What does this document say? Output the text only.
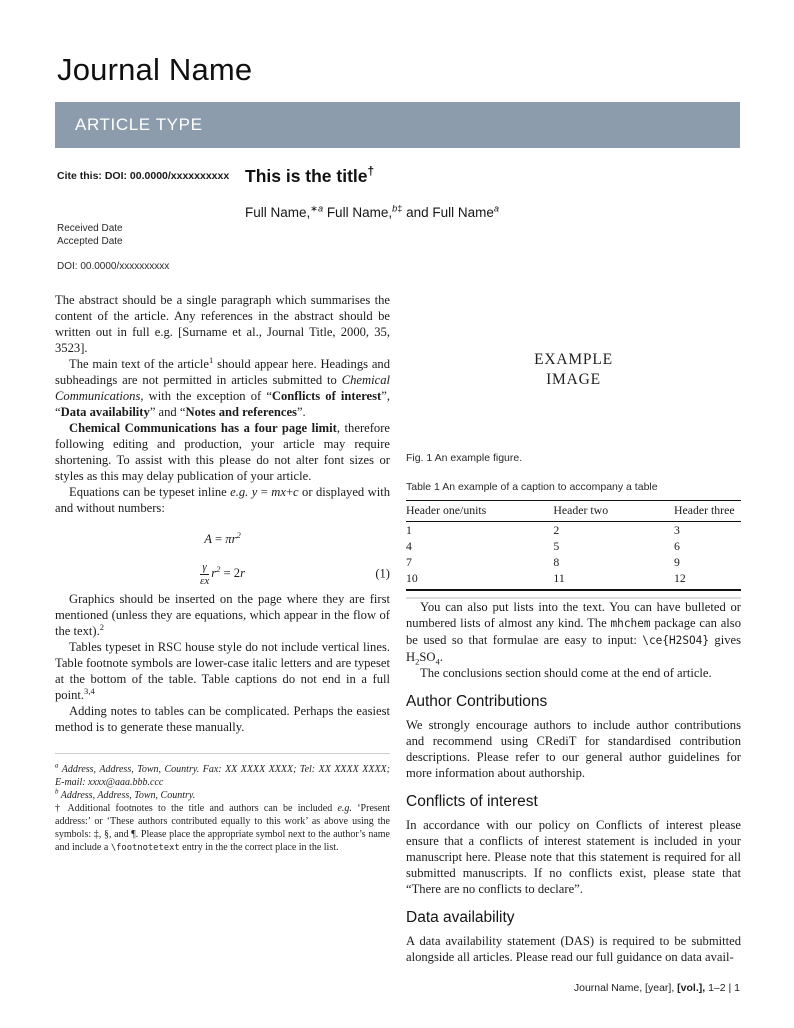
Journal Name
ARTICLE TYPE
Cite this: DOI: 00.0000/xxxxxxxxxx
Received Date
Accepted Date
DOI: 00.0000/xxxxxxxxxx
This is the title†
Full Name,$^{∗a}$ Full Name,$^{b\ddagger}$ and Full Name$^a$

The abstract should be a single paragraph which summarises the content of the article. Any references in the abstract should be written out in full e.g. [Surname et al., Journal Title, 2000, 35, 3523].

The main text of the article$^1$ should appear here. Headings and subheadings are not permitted in articles submitted to Chemical Communications, with the exception of “Conflicts of interest”, “Data availability” and “Notes and references”.

Chemical Communications has a four page limit, therefore following editing and production, your article may require shortening. To assist with this please do not alter font sizes or styles as this may delay publication of your article.

Equations can be typeset inline e.g. y = mx+c or displayed with and without numbers:

$A = \pi r^2$
$\frac{\gamma}{\varepsilon x} r^2 = 2r$	(1)

Graphics should be inserted on the page where they are first mentioned (unless they are equations, which appear in the flow of the text).$^2$

Tables typeset in RSC house style do not include vertical lines. Table footnote symbols are lower-case italic letters and are typeset at the bottom of the table. Table captions do not end in a full point.$^{3,4}$

Adding notes to tables can be complicated. Perhaps the easiest method is to generate these manually.

$^a$ Address, Address, Town, Country. Fax: XX XXXX XXXX; Tel: XX XXXX XXXX; E-mail: xxxx@aaa.bbb.ccc

$^b$ Address, Address, Town, Country.

† Additional footnotes to the title and authors can be included e.g. ‘Present address:’ or ‘These authors contributed equally to this work’ as above using the symbols: ‡, §, and ¶. Please place the appropriate symbol next to the author’s name and include a \footnotetext entry in the the correct place in the list.

EXAMPLE
IMAGE
Fig. 1 An example figure.
Table 1 An example of a caption to accompany a table
Header one/units	Header two	Header three
1	2	3
4	5	6
7	8	9
10	11	12

You can also put lists into the text. You can have bulleted or numbered lists of almost any kind. The mhchem package can also be used so that formulae are easy to input: \ce{H2SO4} gives $H_2SO_4$.

The conclusions section should come at the end of article.

Author Contributions

We strongly encourage authors to include author contributions and recommend using CRediT for standardised contribution descriptions. Please refer to our general author guidelines for more information about authorship.

Conflicts of interest

In accordance with our policy on Conflicts of interest please ensure that a conflicts of interest statement is included in your manuscript here. Please note that this statement is required for all submitted manuscripts. If no conflicts exist, please state that “There are no conflicts to declare”.

Data availability

A data availability statement (DAS) is required to be submitted alongside all articles. Please read our full guidance on data avail-

Journal Name, [year], [vol.], 1–2 | 1
